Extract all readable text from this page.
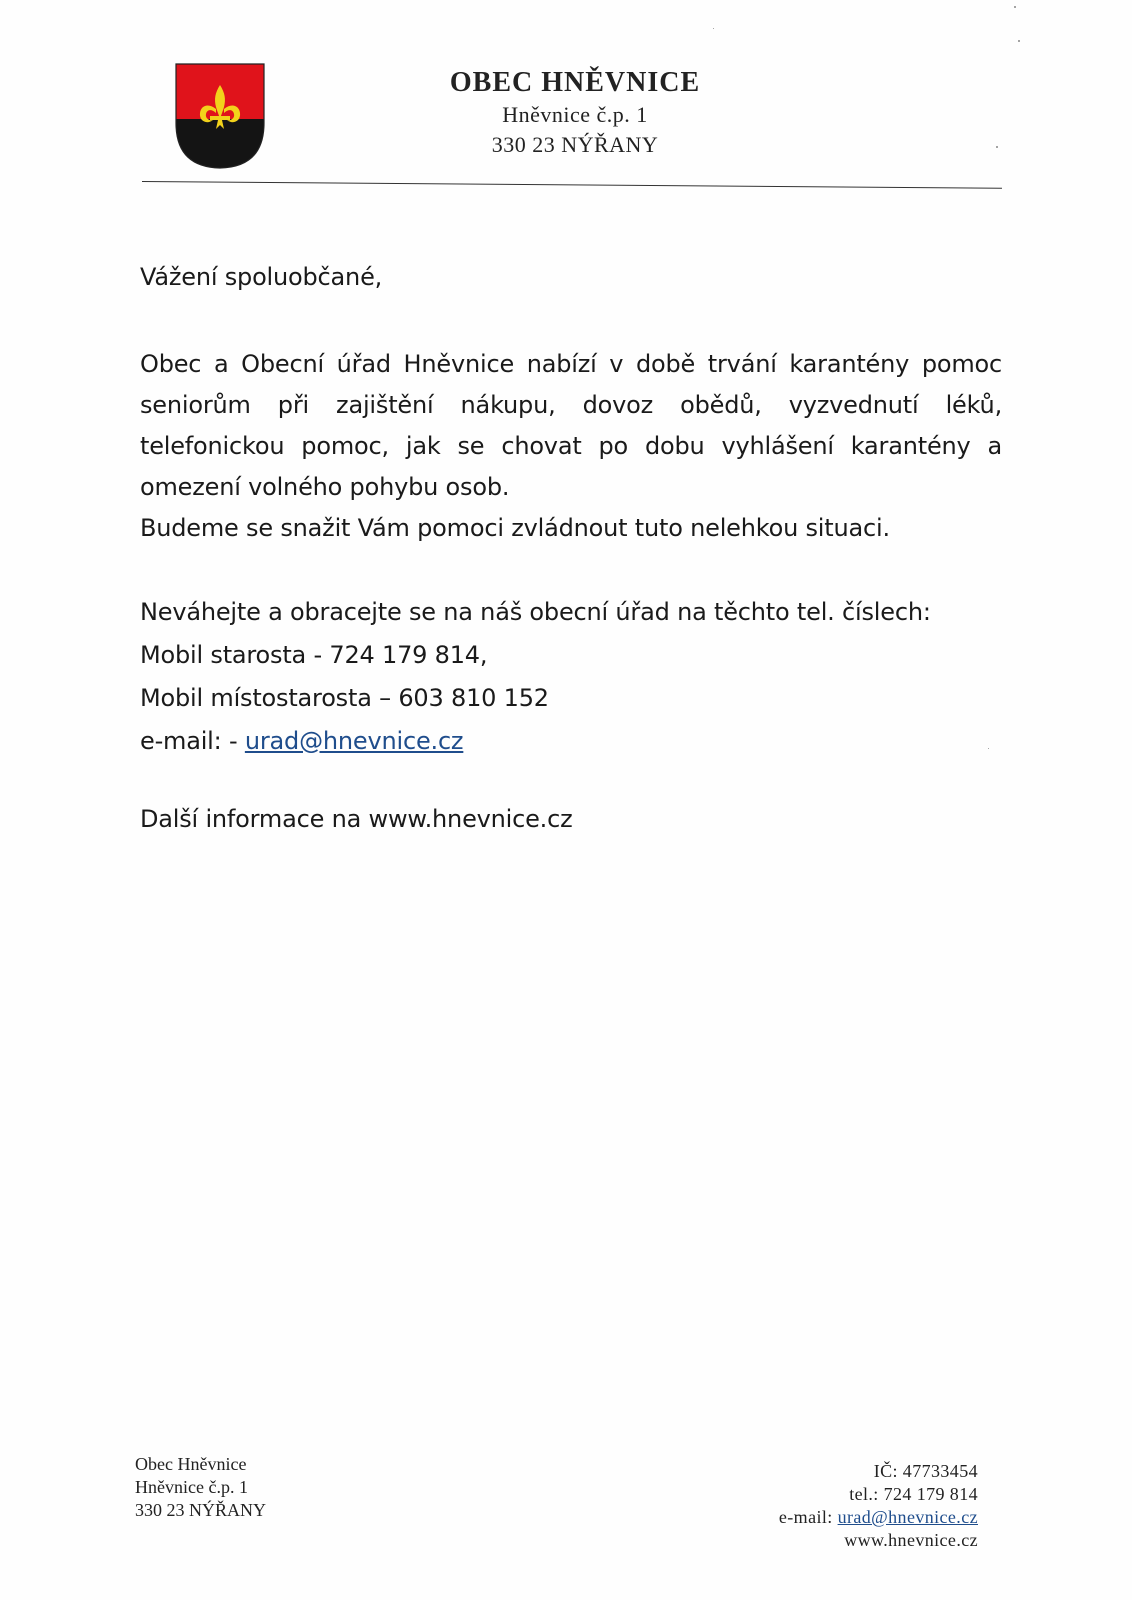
OBEC HNĚVNICE
Hněvnice č.p. 1
330 23 NÝŘANY
Vážení spoluobčané,
Obec a Obecní úřad Hněvnice nabízí v době trvání karantény pomoc
seniorům při zajištění nákupu, dovoz obědů, vyzvednutí léků,
telefonickou pomoc, jak se chovat po dobu vyhlášení karantény a
omezení volného pohybu osob.
Budeme se snažit Vám pomoci zvládnout tuto nelehkou situaci.
Neváhejte a obracejte se na náš obecní úřad na těchto tel. číslech:
Mobil starosta - 724 179 814,
Mobil místostarosta – 603 810 152
e-mail: - urad@hnevnice.cz
Další informace na www.hnevnice.cz
Obec Hněvnice
Hněvnice č.p. 1
330 23 NÝŘANY
IČ: 47733454
tel.: 724 179 814
e-mail: urad@hnevnice.cz
www.hnevnice.cz
